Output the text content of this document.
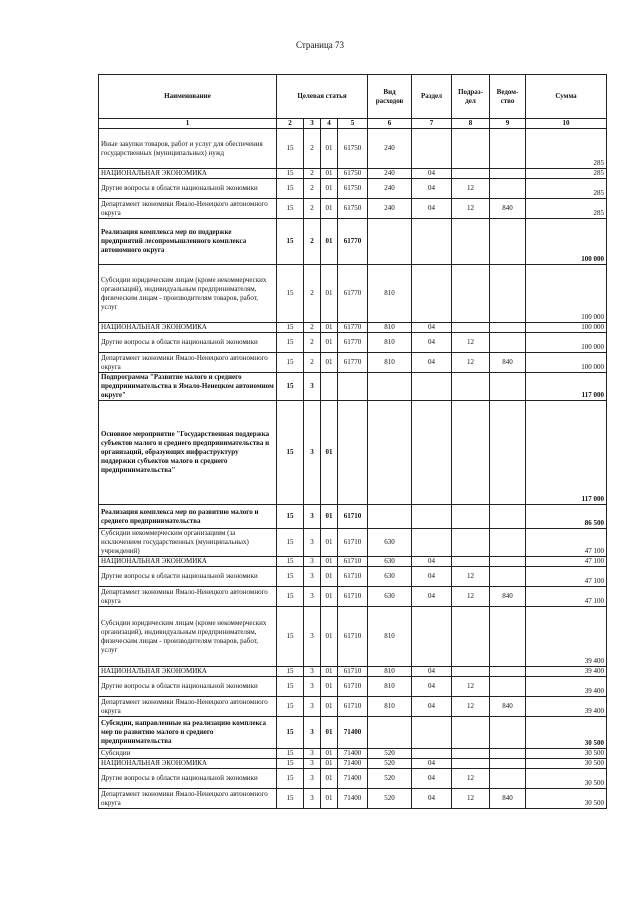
Страница 73
Наименование	Целевая статья				Вид расходов	Раздел	Подраз-дел	Ведом-ство	Сумма
1	2	3	4	5	6	7	8	9	10
Иные закупки товаров, работ и услуг для обеспечения государственных (муниципальных) нужд	15	2	01	61750	240				285
НАЦИОНАЛЬНАЯ ЭКОНОМИКА	15	2	01	61750	240	04			285
Другие вопросы в области национальной экономики	15	2	01	61750	240	04	12		285
Департамент экономики Ямало-Ненецкого автономного округа	15	2	01	61750	240	04	12	840	285
Реализация комплекса мер по поддержке предприятий лесопромышленного комплекса автономного округа	15	2	01	61770					100 000
Субсидии юридическим лицам (кроме некоммерческих организаций), индивидуальным предпринимателям, физическим лицам - производителям товаров, работ, услуг	15	2	01	61770	810				100 000
НАЦИОНАЛЬНАЯ ЭКОНОМИКА	15	2	01	61770	810	04			100 000
Другие вопросы в области национальной экономики	15	2	01	61770	810	04	12		100 000
Департамент экономики Ямало-Ненецкого автономного округа	15	2	01	61770	810	04	12	840	100 000
Подпрограмма "Развитие малого и среднего предпринимательства в Ямало-Ненецком автономном округе"	15	3							117 000
Основное мероприятие "Государственная поддержка субъектов малого и среднего предпринимательства и организаций, образующих инфраструктуру поддержки субъектов малого и среднего предпринимательства"	15	3	01						117 000
Реализация комплекса мер по развитию малого и среднего предпринимательства	15	3	01	61710					86 500
Субсидии некоммерческим организациям (за исключением государственных (муниципальных) учреждений)	15	3	01	61710	630				47 100
НАЦИОНАЛЬНАЯ ЭКОНОМИКА	15	3	01	61710	630	04			47 100
Другие вопросы в области национальной экономики	15	3	01	61710	630	04	12		47 100
Департамент экономики Ямало-Ненецкого автономного округа	15	3	01	61710	630	04	12	840	47 100
Субсидии юридическим лицам (кроме некоммерческих организаций), индивидуальным предпринимателям, физическим лицам - производителям товаров, работ, услуг	15	3	01	61710	810				39 400
НАЦИОНАЛЬНАЯ ЭКОНОМИКА	15	3	01	61710	810	04			39 400
Другие вопросы в области национальной экономики	15	3	01	61710	810	04	12		39 400
Департамент экономики Ямало-Ненецкого автономного округа	15	3	01	61710	810	04	12	840	39 400
Субсидии, направленные на реализацию комплекса мер по развитию малого и среднего предпринимательства	15	3	01	71400					30 500
Субсидии	15	3	01	71400	520				30 500
НАЦИОНАЛЬНАЯ ЭКОНОМИКА	15	3	01	71400	520	04			30 500
Другие вопросы в области национальной экономики	15	3	01	71400	520	04	12		30 500
Департамент экономики Ямало-Ненецкого автономного округа	15	3	01	71400	520	04	12	840	30 500
